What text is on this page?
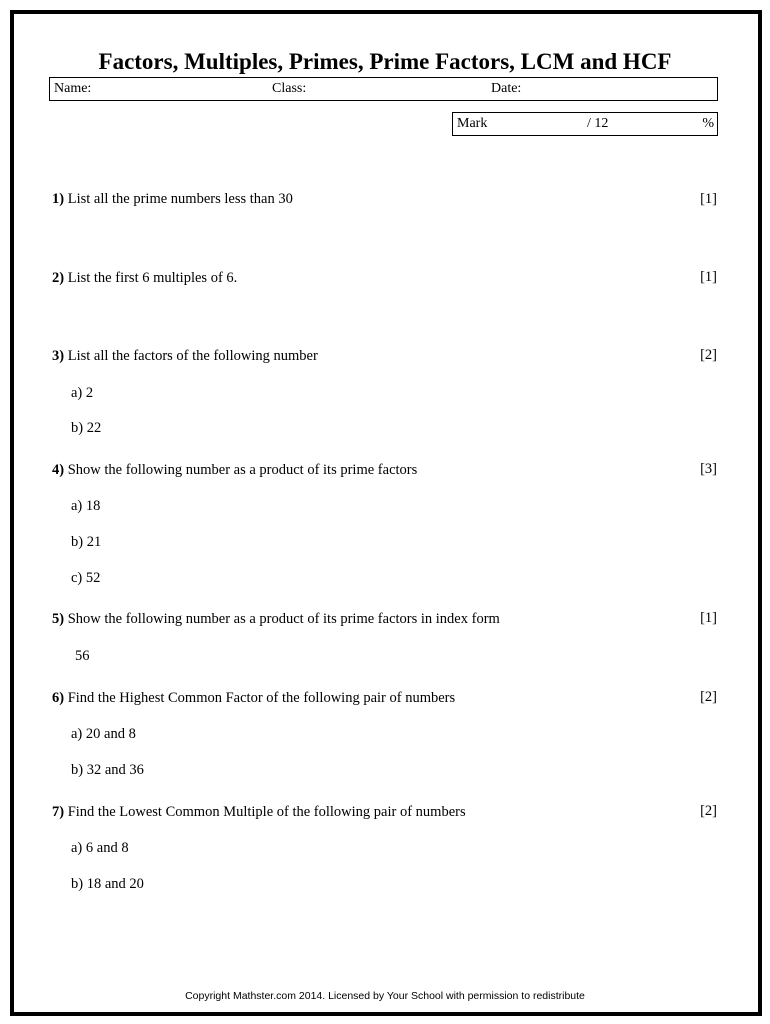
Factors, Multiples, Primes, Prime Factors, LCM and HCF
Name:	Class:	Date:
Mark	/ 12	%
1) List all the prime numbers less than 30	[1]
2) List the first 6 multiples of 6.	[1]
3) List all the factors of the following number	[2]
a) 2
b) 22
4) Show the following number as a product of its prime factors	[3]
a) 18
b) 21
c) 52
5) Show the following number as a product of its prime factors in index form	[1]
56
6) Find the Highest Common Factor of the following pair of numbers	[2]
a) 20 and 8
b) 32 and 36
7) Find the Lowest Common Multiple of the following pair of numbers	[2]
a) 6 and 8
b) 18 and 20
Copyright Mathster.com 2014. Licensed by Your School with permission to redistribute
